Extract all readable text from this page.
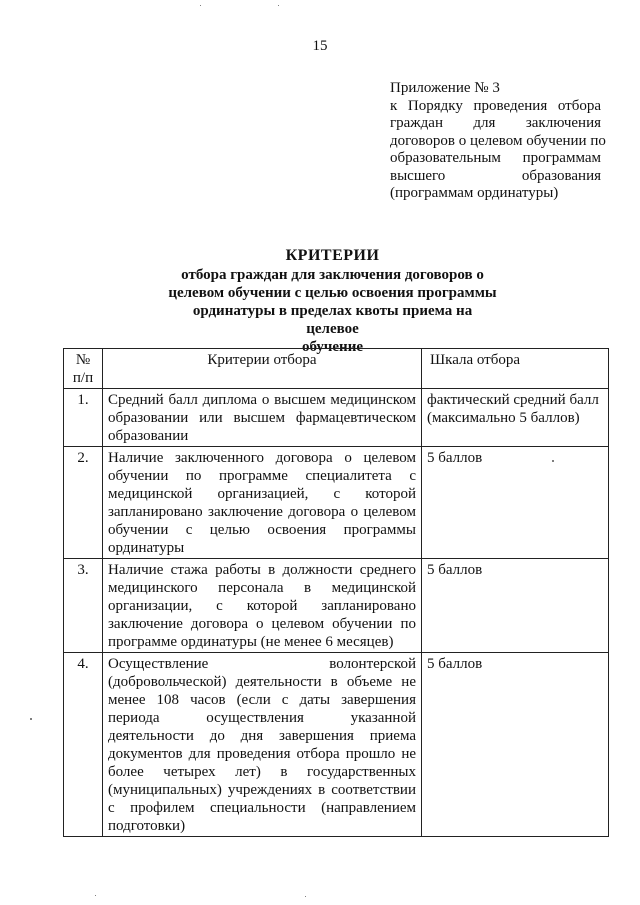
15
Приложение № 3
к Порядку проведения отбора
граждан для заключения
договоров о целевом обучении по
образовательным программам
высшего образования
(программам ординатуры)
КРИТЕРИИ
отбора граждан для заключения договоров о
целевом обучении с целью освоения программы
ординатуры в пределах квоты приема на целевое
обучение
№ п/п	Критерии отбора	Шкала отбора
1.	Средний балл диплома о высшем медицинском образовании или высшем фармацевтическом образовании	фактический средний балл (максимально 5 баллов)
2.	Наличие заключенного договора о целевом обучении по программе специалитета с медицинской организацией, с которой запланировано заключение договора о целевом обучении с целью освоения программы ординатуры	5 баллов
3.	Наличие стажа работы в должности среднего медицинского персонала в медицинской организации, с которой запланировано заключение договора о целевом обучении по программе ординатуры (не менее 6 месяцев)	5 баллов
4.	Осуществление волонтерской (добровольческой) деятельности в объеме не менее 108 часов (если с даты завершения периода осуществления указанной деятельности до дня завершения приема документов для проведения отбора прошло не более четырех лет) в государственных (муниципальных) учреждениях в соответствии с профилем специальности (направлением подготовки)	5 баллов
